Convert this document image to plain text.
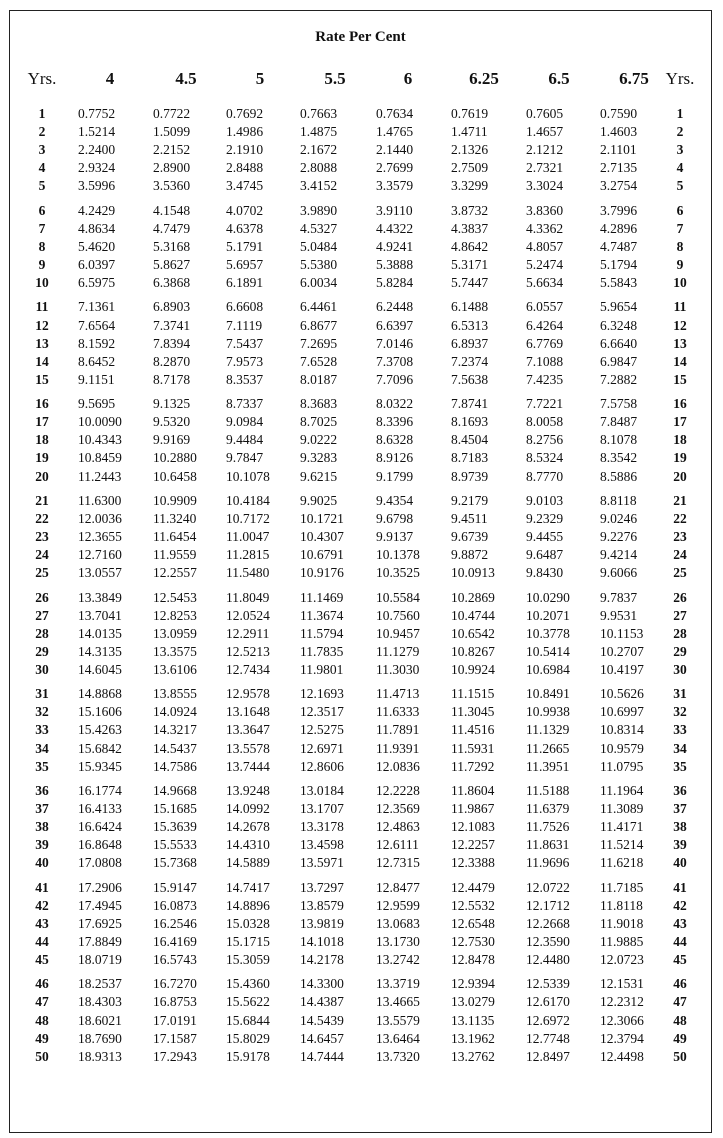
Rate Per Cent
Yrs.	4	4.5	5	5.5	6	6.25	6.5	6.75 Yrs.
1	0.7752	0.7722	0.7692	0.7663	0.7634	0.7619	0.7605	0.7590	1
2	1.5214	1.5099	1.4986	1.4875	1.4765	1.4711	1.4657	1.4603	2
3	2.2400	2.2152	2.1910	2.1672	2.1440	2.1326	2.1212	2.1101	3
4	2.9324	2.8900	2.8488	2.8088	2.7699	2.7509	2.7321	2.7135	4
5	3.5996	3.5360	3.4745	3.4152	3.3579	3.3299	3.3024	3.2754	5
6	4.2429	4.1548	4.0702	3.9890	3.9110	3.8732	3.8360	3.7996	6
7	4.8634	4.7479	4.6378	4.5327	4.4322	4.3837	4.3362	4.2896	7
8	5.4620	5.3168	5.1791	5.0484	4.9241	4.8642	4.8057	4.7487	8
9	6.0397	5.8627	5.6957	5.5380	5.3888	5.3171	5.2474	5.1794	9
10	6.5975	6.3868	6.1891	6.0034	5.8284	5.7447	5.6634	5.5843	10
11	7.1361	6.8903	6.6608	6.4461	6.2448	6.1488	6.0557	5.9654	11
12	7.6564	7.3741	7.1119	6.8677	6.6397	6.5313	6.4264	6.3248	12
13	8.1592	7.8394	7.5437	7.2695	7.0146	6.8937	6.7769	6.6640	13
14	8.6452	8.2870	7.9573	7.6528	7.3708	7.2374	7.1088	6.9847	14
15	9.1151	8.7178	8.3537	8.0187	7.7096	7.5638	7.4235	7.2882	15
16	9.5695	9.1325	8.7337	8.3683	8.0322	7.8741	7.7221	7.5758	16
17	10.0090 9.5320	9.0984	8.7025	8.3396	8.1693	8.0058	7.8487	17
18	10.4343 9.9169	9.4484	9.0222	8.6328	8.4504	8.2756	8.1078	18
19	10.8459 10.2880 9.7847	9.3283	8.9126	8.7183	8.5324	8.3542	19
20	11.2443 10.6458 10.1078 9.6215	9.1799	8.9739	8.7770	8.5886	20
21	11.6300 10.9909 10.4184 9.9025	9.4354	9.2179	9.0103	8.8118	21
22	12.0036 11.3240 10.7172 10.1721 9.6798	9.4511	9.2329	9.0246	22
23	12.3655 11.6454 11.0047 10.4307 9.9137	9.6739	9.4455	9.2276	23
24	12.7160 11.9559 11.2815 10.6791 10.1378 9.8872	9.6487	9.4214	24
25	13.0557 12.2557 11.5480 10.9176 10.3525 10.0913 9.8430	9.6066	25
26	13.3849 12.5453 11.8049 11.1469 10.5584 10.2869 10.0290 9.7837	26
27	13.7041 12.8253 12.0524 11.3674 10.7560 10.4744 10.2071 9.9531	27
28	14.0135 13.0959 12.2911 11.5794 10.9457 10.6542 10.3778 10.1153	28
29	14.3135 13.3575 12.5213 11.7835 11.1279 10.8267 10.5414 10.2707	29
30	14.6045 13.6106 12.7434 11.9801 11.3030 10.9924 10.6984 10.4197	30
31	14.8868 13.8555 12.9578 12.1693 11.4713 11.1515 10.8491 10.5626	31
32	15.1606 14.0924 13.1648 12.3517 11.6333 11.3045 10.9938 10.6997	32
33	15.4263 14.3217 13.3647 12.5275 11.7891 11.4516 11.1329 10.8314	33
34	15.6842 14.5437 13.5578 12.6971 11.9391 11.5931 11.2665 10.9579	34
35	15.9345 14.7586 13.7444 12.8606 12.0836 11.7292 11.3951 11.0795	35
36	16.1774 14.9668 13.9248 13.0184 12.2228 11.8604 11.5188 11.1964	36
37	16.4133 15.1685 14.0992 13.1707 12.3569 11.9867 11.6379 11.3089	37
38	16.6424 15.3639 14.2678 13.3178 12.4863 12.1083 11.7526 11.4171	38
39	16.8648 15.5533 14.4310 13.4598 12.6111 12.2257 11.8631 11.5214	39
40	17.0808 15.7368 14.5889 13.5971 12.7315 12.3388 11.9696 11.6218	40
41	17.2906 15.9147 14.7417 13.7297 12.8477 12.4479 12.0722 11.7185	41
42	17.4945 16.0873 14.8896 13.8579 12.9599 12.5532 12.1712 11.8118	42
43	17.6925 16.2546 15.0328 13.9819 13.0683 12.6548 12.2668 11.9018	43
44	17.8849 16.4169 15.1715 14.1018 13.1730 12.7530 12.3590 11.9885	44
45	18.0719 16.5743 15.3059 14.2178 13.2742 12.8478 12.4480 12.0723	45
46	18.2537 16.7270 15.4360 14.3300 13.3719 12.9394 12.5339 12.1531	46
47	18.4303 16.8753 15.5622 14.4387 13.4665 13.0279 12.6170 12.2312	47
48	18.6021 17.0191 15.6844 14.5439 13.5579 13.1135 12.6972 12.3066	48
49	18.7690 17.1587 15.8029 14.6457 13.6464 13.1962 12.7748 12.3794	49
50	18.9313 17.2943 15.9178 14.7444 13.7320 13.2762 12.8497 12.4498	50
